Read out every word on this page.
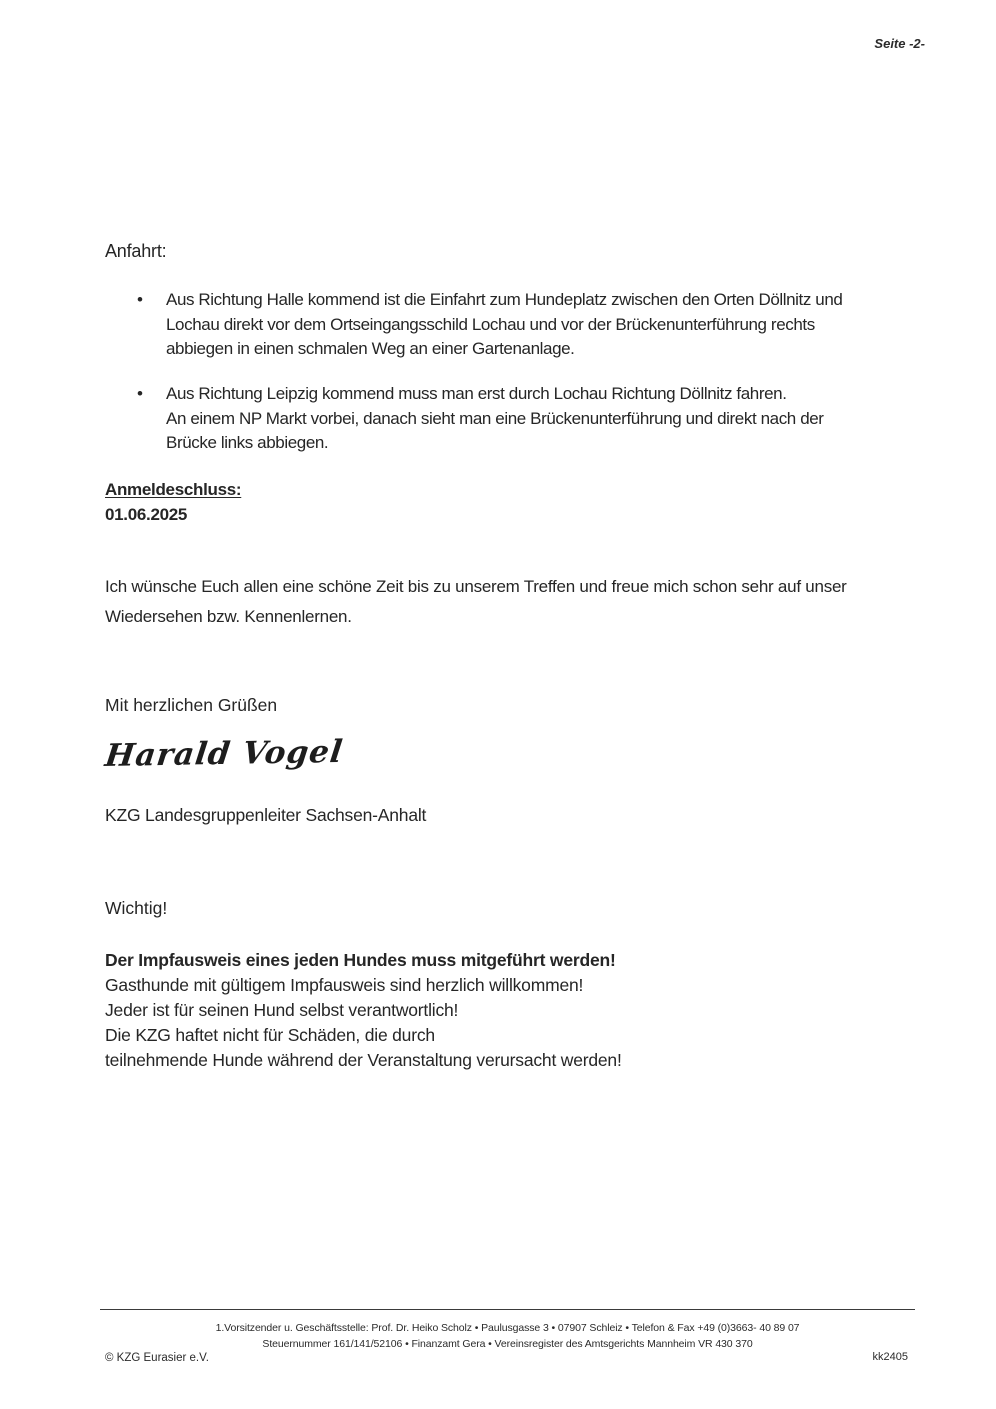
Seite -2-
Anfahrt:
•	Aus Richtung Halle kommend ist die Einfahrt zum Hundeplatz zwischen den Orten Döllnitz und
Lochau direkt vor dem Ortseingangsschild Lochau und vor der Brückenunterführung rechts
abbiegen in einen schmalen Weg an einer Gartenanlage.
•	Aus Richtung Leipzig kommend muss man erst durch Lochau Richtung Döllnitz fahren.
An einem NP Markt vorbei, danach sieht man eine Brückenunterführung und direkt nach der
Brücke links abbiegen.
Anmeldeschluss:
01.06.2025
Ich wünsche Euch allen eine schöne Zeit bis zu unserem Treffen und freue mich schon sehr auf unser
Wiedersehen bzw. Kennenlernen.
Mit herzlichen Grüßen
Harald Vogel
KZG Landesgruppenleiter Sachsen-Anhalt
Wichtig!
Der Impfausweis eines jeden Hundes muss mitgeführt werden!
Gasthunde mit gültigem Impfausweis sind herzlich willkommen!
Jeder ist für seinen Hund selbst verantwortlich!
Die KZG haftet nicht für Schäden, die durch
teilnehmende Hunde während der Veranstaltung verursacht werden!
1.Vorsitzender u. Geschäftsstelle: Prof. Dr. Heiko Scholz • Paulusgasse 3 • 07907 Schleiz • Telefon & Fax +49 (0)3663- 40 89 07
Steuernummer 161/141/52106 • Finanzamt Gera • Vereinsregister des Amtsgerichts Mannheim VR 430 370
© KZG Eurasier e.V.	kk2405
